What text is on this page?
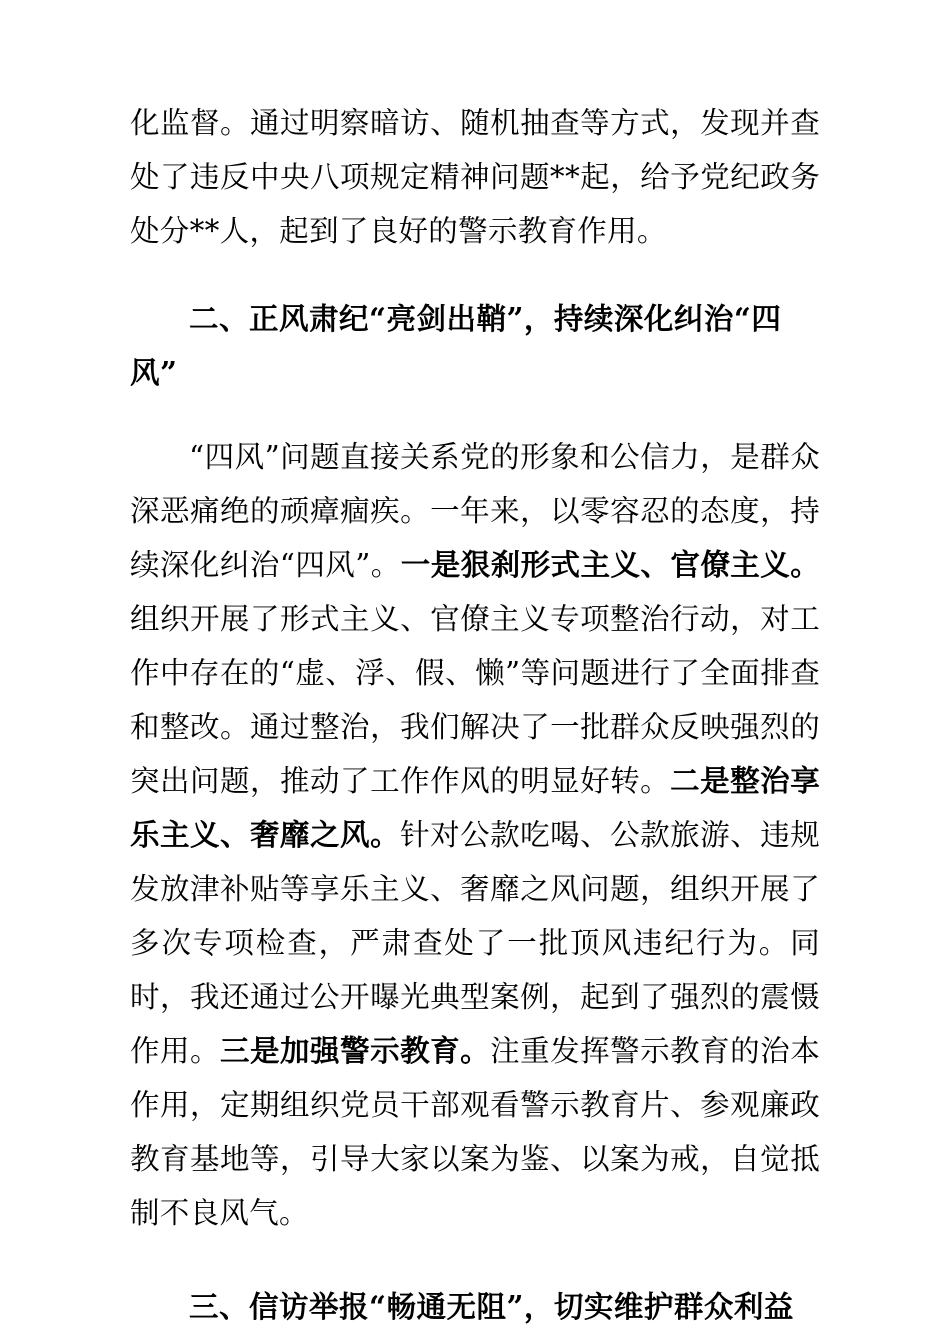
化监督。通过明察暗访、随机抽查等方式，发现并查处了违反中央八项规定精神问题**起，给予党纪政务处分**人，起到了良好的警示教育作用。

二、正风肃纪“亮剑出鞘”，持续深化纠治“四风”

“四风”问题直接关系党的形象和公信力，是群众深恶痛绝的顽瘴痼疾。一年来，以零容忍的态度，持续深化纠治“四风”。一是狠刹形式主义、官僚主义。组织开展了形式主义、官僚主义专项整治行动，对工作中存在的“虚、浮、假、懒”等问题进行了全面排查和整改。通过整治，我们解决了一批群众反映强烈的突出问题，推动了工作作风的明显好转。二是整治享乐主义、奢靡之风。针对公款吃喝、公款旅游、违规发放津补贴等享乐主义、奢靡之风问题，组织开展了多次专项检查，严肃查处了一批顶风违纪行为。同时，我还通过公开曝光典型案例，起到了强烈的震慑作用。三是加强警示教育。注重发挥警示教育的治本作用，定期组织党员干部观看警示教育片、参观廉政教育基地等，引导大家以案为鉴、以案为戒，自觉抵制不良风气。

三、信访举报“畅通无阻”，切实维护群众利益
